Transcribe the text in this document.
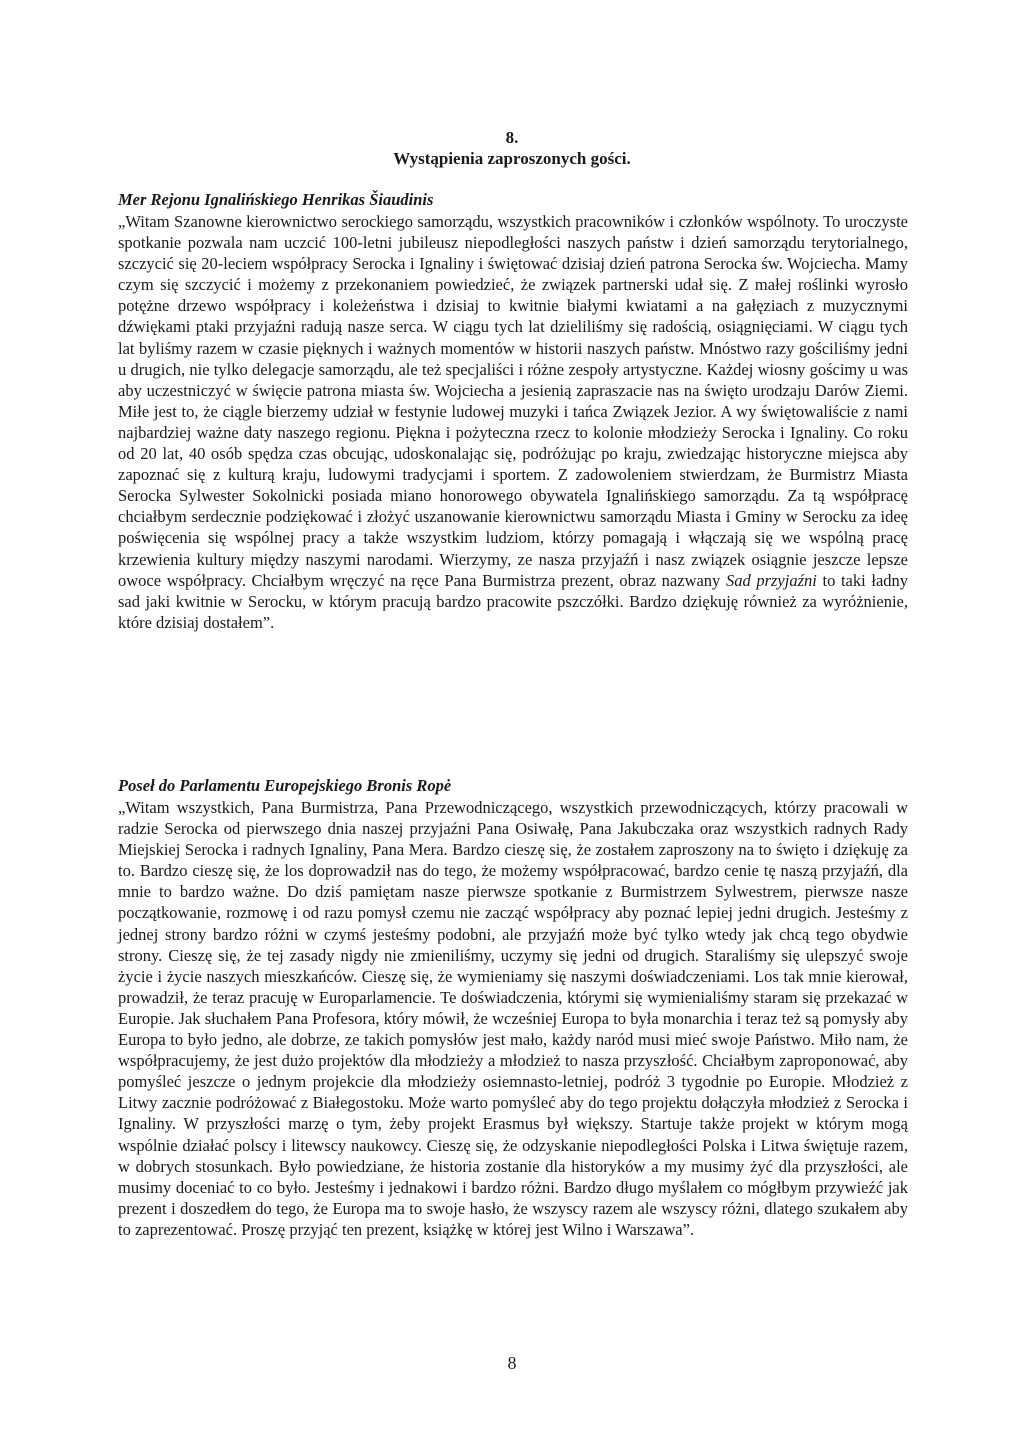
8.
Wystąpienia zaproszonych gości.

Mer Rejonu Ignalińskiego Henrikas Šiaudinis

„Witam Szanowne kierownictwo serockiego samorządu, wszystkich pracowników i członków wspólnoty. To uroczyste spotkanie pozwala nam uczcić 100-letni jubileusz niepodległości naszych państw i dzień samorządu terytorialnego, szczycić się 20-leciem współpracy Serocka i Ignaliny i świętować dzisiaj dzień patrona Serocka św. Wojciecha. Mamy czym się szczycić i możemy z przekonaniem powiedzieć, że związek partnerski udał się. Z małej roślinki wyrosło potężne drzewo współpracy i koleżeństwa i dzisiaj to kwitnie białymi kwiatami a na gałęziach z muzycznymi dźwiękami ptaki przyjaźni radują nasze serca. W ciągu tych lat dzieliliśmy się radością, osiągnięciami. W ciągu tych lat byliśmy razem w czasie pięknych i ważnych momentów w historii naszych państw. Mnóstwo razy gościliśmy jedni u drugich, nie tylko delegacje samorządu, ale też specjaliści i różne zespoły artystyczne. Każdej wiosny gościmy u was aby uczestniczyć w święcie patrona miasta św. Wojciecha a jesienią zapraszacie nas na święto urodzaju Darów Ziemi. Miłe jest to, że ciągle bierzemy udział w festynie ludowej muzyki i tańca Związek Jezior. A wy świętowaliście z nami najbardziej ważne daty naszego regionu. Piękna i pożyteczna rzecz to kolonie młodzieży Serocka i Ignaliny. Co roku od 20 lat, 40 osób spędza czas obcując, udoskonalając się, podróżując po kraju, zwiedzając historyczne miejsca aby zapoznać się z kulturą kraju, ludowymi tradycjami i sportem. Z zadowoleniem stwierdzam, że Burmistrz Miasta Serocka Sylwester Sokolnicki posiada miano honorowego obywatela Ignalińskiego samorządu. Za tą współpracę chciałbym serdecznie podziękować i złożyć uszanowanie kierownictwu samorządu Miasta i Gminy w Serocku za ideę poświęcenia się wspólnej pracy a także wszystkim ludziom, którzy pomagają i włączają się we wspólną pracę krzewienia kultury między naszymi narodami. Wierzymy, ze nasza przyjaźń i nasz związek osiągnie jeszcze lepsze owoce współpracy. Chciałbym wręczyć na ręce Pana Burmistrza prezent, obraz nazwany Sad przyjaźni to taki ładny sad jaki kwitnie w Serocku, w którym pracują bardzo pracowite pszczółki. Bardzo dziękuję również za wyróżnienie, które dzisiaj dostałem”.

Poseł do Parlamentu Europejskiego Bronis Ropė

„Witam wszystkich, Pana Burmistrza, Pana Przewodniczącego, wszystkich przewodniczących, którzy pracowali w radzie Serocka od pierwszego dnia naszej przyjaźni Pana Osiwałę, Pana Jakubczaka oraz wszystkich radnych Rady Miejskiej Serocka i radnych Ignaliny, Pana Mera. Bardzo cieszę się, że zostałem zaproszony na to święto i dziękuję za to. Bardzo cieszę się, że los doprowadził nas do tego, że możemy współpracować, bardzo cenie tę naszą przyjaźń, dla mnie to bardzo ważne. Do dziś pamiętam nasze pierwsze spotkanie z Burmistrzem Sylwestrem, pierwsze nasze początkowanie, rozmowę i od razu pomysł czemu nie zacząć współpracy aby poznać lepiej jedni drugich. Jesteśmy z jednej strony bardzo różni w czymś jesteśmy podobni, ale przyjaźń może być tylko wtedy jak chcą tego obydwie strony. Cieszę się, że tej zasady nigdy nie zmieniliśmy, uczymy się jedni od drugich. Staraliśmy się ulepszyć swoje życie i życie naszych mieszkańców. Cieszę się, że wymieniamy się naszymi doświadczeniami. Los tak mnie kierował, prowadził, że teraz pracuję w Europarlamencie. Te doświadczenia, którymi się wymienialiśmy staram się przekazać w Europie. Jak słuchałem Pana Profesora, który mówił, że wcześniej Europa to była monarchia i teraz też są pomysły aby Europa to było jedno, ale dobrze, ze takich pomysłów jest mało, każdy naród musi mieć swoje Państwo. Miło nam, że współpracujemy, że jest dużo projektów dla młodzieży a młodzież to nasza przyszłość. Chciałbym zaproponować, aby pomyśleć jeszcze o jednym projekcie dla młodzieży osiemnasto-letniej, podróż 3 tygodnie po Europie. Młodzież z Litwy zacznie podróżować z Białegostoku. Może warto pomyśleć aby do tego projektu dołączyła młodzież z Serocka i Ignaliny. W przyszłości marzę o tym, żeby projekt Erasmus był większy. Startuje także projekt w którym mogą wspólnie działać polscy i litewscy naukowcy. Cieszę się, że odzyskanie niepodległości Polska i Litwa świętuje razem, w dobrych stosunkach. Było powiedziane, że historia zostanie dla historyków a my musimy żyć dla przyszłości, ale musimy doceniać to co było. Jesteśmy i jednakowi i bardzo różni. Bardzo długo myślałem co mógłbym przywieźć jak prezent i doszedłem do tego, że Europa ma to swoje hasło, że wszyscy razem ale wszyscy różni, dlatego szukałem aby to zaprezentować. Proszę przyjąć ten prezent, książkę w której jest Wilno i Warszawa”.

8
